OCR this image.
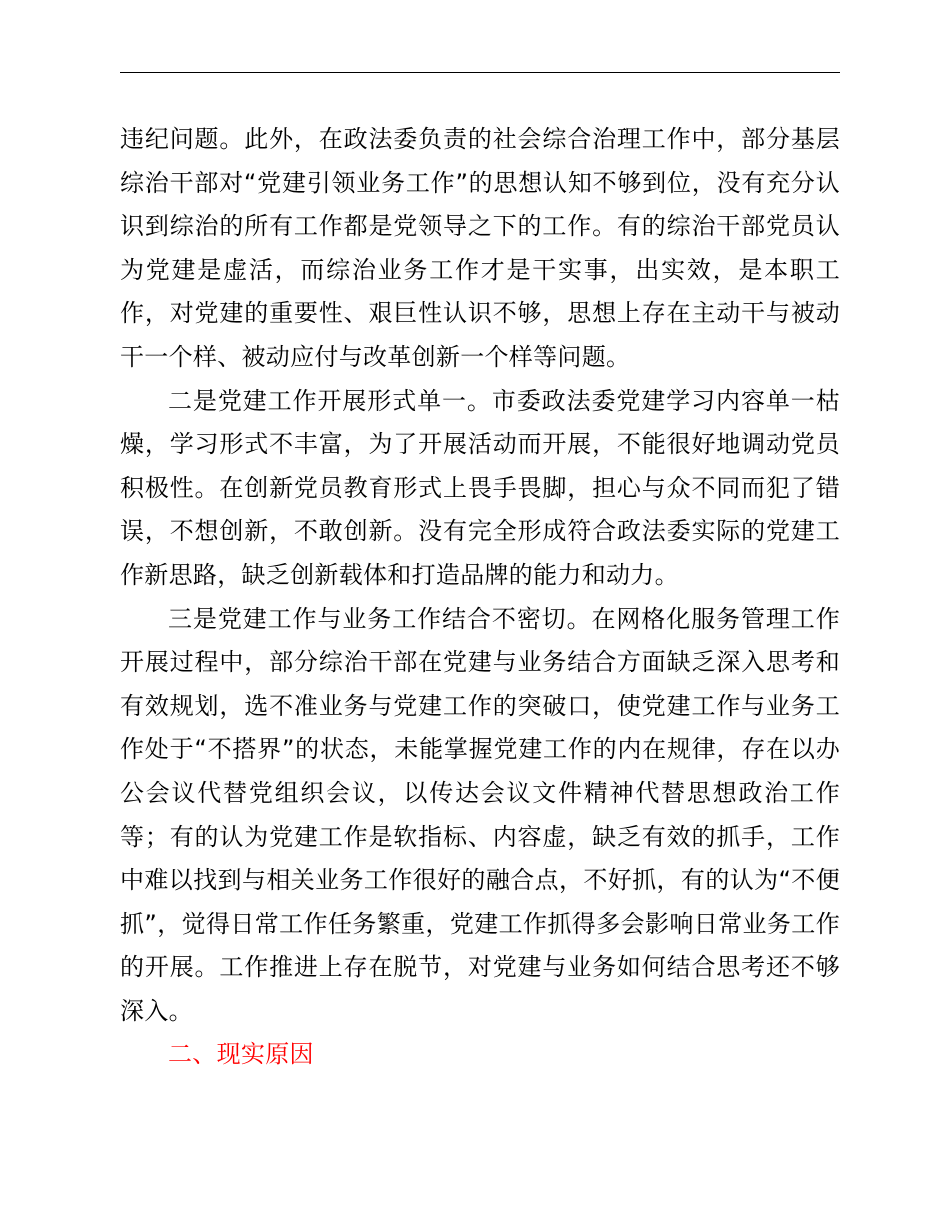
违纪问题。此外，在政法委负责的社会综合治理工作中，部分基层综治干部对“党建引领业务工作”的思想认知不够到位，没有充分认识到综治的所有工作都是党领导之下的工作。有的综治干部党员认为党建是虚活，而综治业务工作才是干实事，出实效，是本职工作，对党建的重要性、艰巨性认识不够，思想上存在主动干与被动干一个样、被动应付与改革创新一个样等问题。

二是党建工作开展形式单一。市委政法委党建学习内容单一枯燥，学习形式不丰富，为了开展活动而开展，不能很好地调动党员积极性。在创新党员教育形式上畏手畏脚，担心与众不同而犯了错误，不想创新，不敢创新。没有完全形成符合政法委实际的党建工作新思路，缺乏创新载体和打造品牌的能力和动力。

三是党建工作与业务工作结合不密切。在网格化服务管理工作开展过程中，部分综治干部在党建与业务结合方面缺乏深入思考和有效规划，选不准业务与党建工作的突破口，使党建工作与业务工作处于“不搭界”的状态，未能掌握党建工作的内在规律，存在以办公会议代替党组织会议，以传达会议文件精神代替思想政治工作等；有的认为党建工作是软指标、内容虚，缺乏有效的抓手，工作中难以找到与相关业务工作很好的融合点，不好抓，有的认为“不便抓”，觉得日常工作任务繁重，党建工作抓得多会影响日常业务工作的开展。工作推进上存在脱节，对党建与业务如何结合思考还不够深入。

二、现实原因
